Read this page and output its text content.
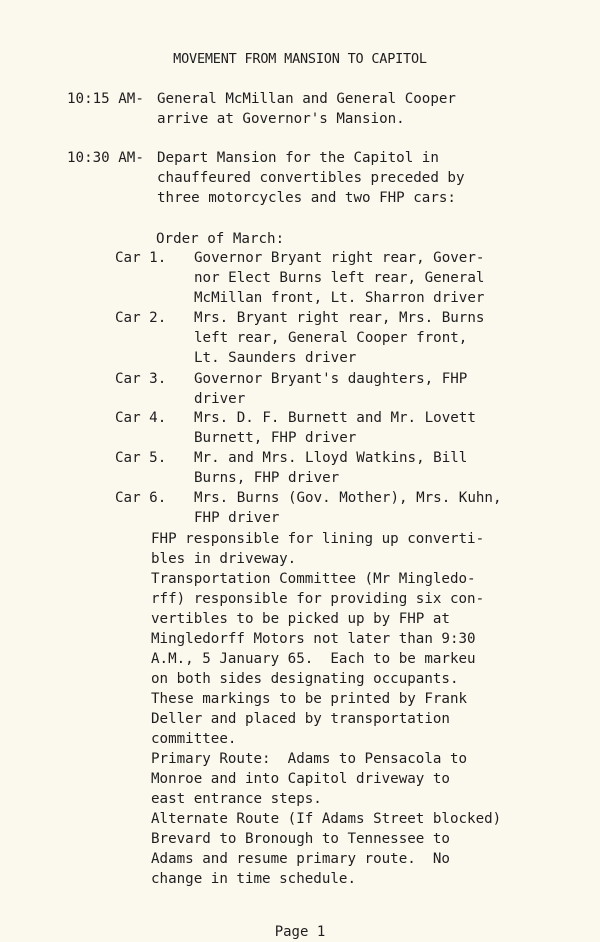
MOVEMENT FROM MANSION TO CAPITOL
10:15 AM- General McMillan and General Cooper
arrive at Governor's Mansion.
10:30 AM- Depart Mansion for the Capitol in
chauffeured convertibles preceded by
three motorcycles and two FHP cars:
Order of March:
Car 1. Governor Bryant right rear, Gover-
nor Elect Burns left rear, General
McMillan front, Lt. Sharron driver
Car 2. Mrs. Bryant right rear, Mrs. Burns
left rear, General Cooper front,
Lt. Saunders driver
Car 3. Governor Bryant's daughters, FHP
driver
Car 4. Mrs. D. F. Burnett and Mr. Lovett
Burnett, FHP driver
Car 5. Mr. and Mrs. Lloyd Watkins, Bill
Burns, FHP driver
Car 6. Mrs. Burns (Gov. Mother), Mrs. Kuhn,
FHP driver
FHP responsible for lining up converti-
bles in driveway.
Transportation Committee (Mr Mingledo-
rff) responsible for providing six con-
vertibles to be picked up by FHP at
Mingledorff Motors not later than 9:30
A.M., 5 January 65.  Each to be markeu
on both sides designating occupants.
These markings to be printed by Frank
Deller and placed by transportation
committee.
Primary Route:  Adams to Pensacola to
Monroe and into Capitol driveway to
east entrance steps.
Alternate Route (If Adams Street blocked)
Brevard to Bronough to Tennessee to
Adams and resume primary route.  No
change in time schedule.
Page 1
